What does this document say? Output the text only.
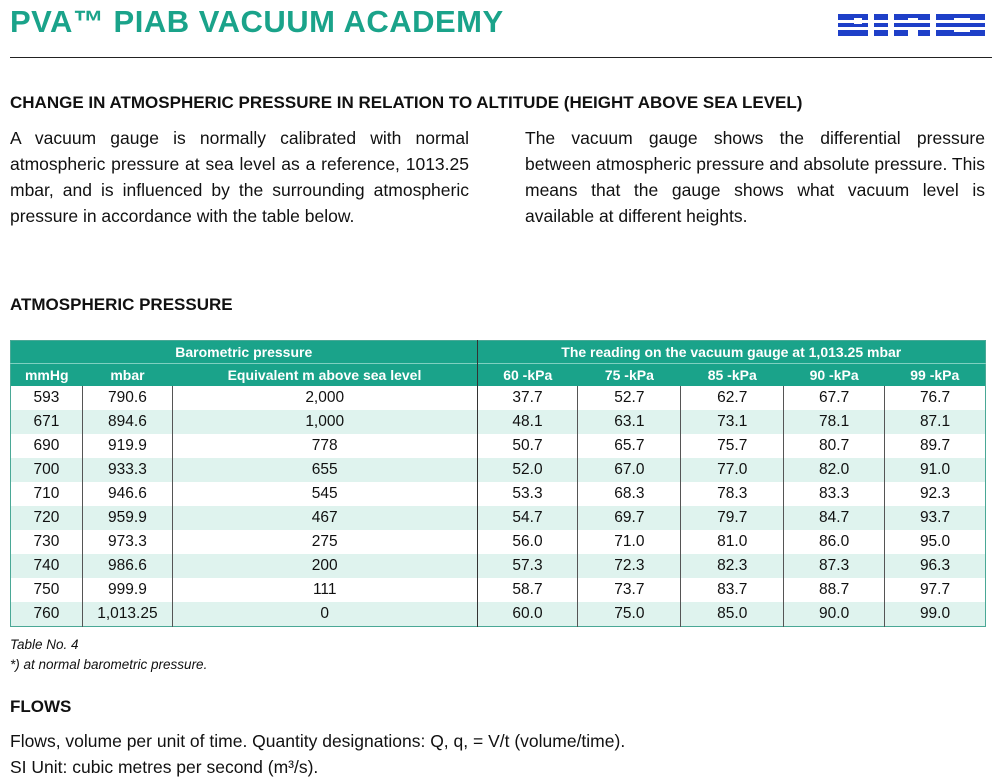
PVA™ PIAB VACUUM ACADEMY
CHANGE IN ATMOSPHERIC PRESSURE IN RELATION TO ALTITUDE (HEIGHT ABOVE SEA LEVEL)
A vacuum gauge is normally calibrated with normal atmospheric pressure at sea level as a reference, 1013.25 mbar, and is influenced by the surrounding atmospheric pressure in accordance with the table below.
The vacuum gauge shows the differential pressure between atmospheric pressure and absolute pressure. This means that the gauge shows what vacuum level is available at different heights.
ATMOSPHERIC PRESSURE
Barometric pressure			The reading on the vacuum gauge at 1,013.25 mbar				
mmHg	mbar	Equivalent m above sea level	60 -kPa	75 -kPa	85 -kPa	90 -kPa	99 -kPa
593	790.6	2,000	37.7	52.7	62.7	67.7	76.7
671	894.6	1,000	48.1	63.1	73.1	78.1	87.1
690	919.9	778	50.7	65.7	75.7	80.7	89.7
700	933.3	655	52.0	67.0	77.0	82.0	91.0
710	946.6	545	53.3	68.3	78.3	83.3	92.3
720	959.9	467	54.7	69.7	79.7	84.7	93.7
730	973.3	275	56.0	71.0	81.0	86.0	95.0
740	986.6	200	57.3	72.3	82.3	87.3	96.3
750	999.9	111	58.7	73.7	83.7	88.7	97.7
760	1,013.25	0	60.0	75.0	85.0	90.0	99.0
Table No. 4
*) at normal barometric pressure.
FLOWS
Flows, volume per unit of time. Quantity designations: Q, q, = V/t (volume/time).
SI Unit: cubic metres per second (m³/s).
